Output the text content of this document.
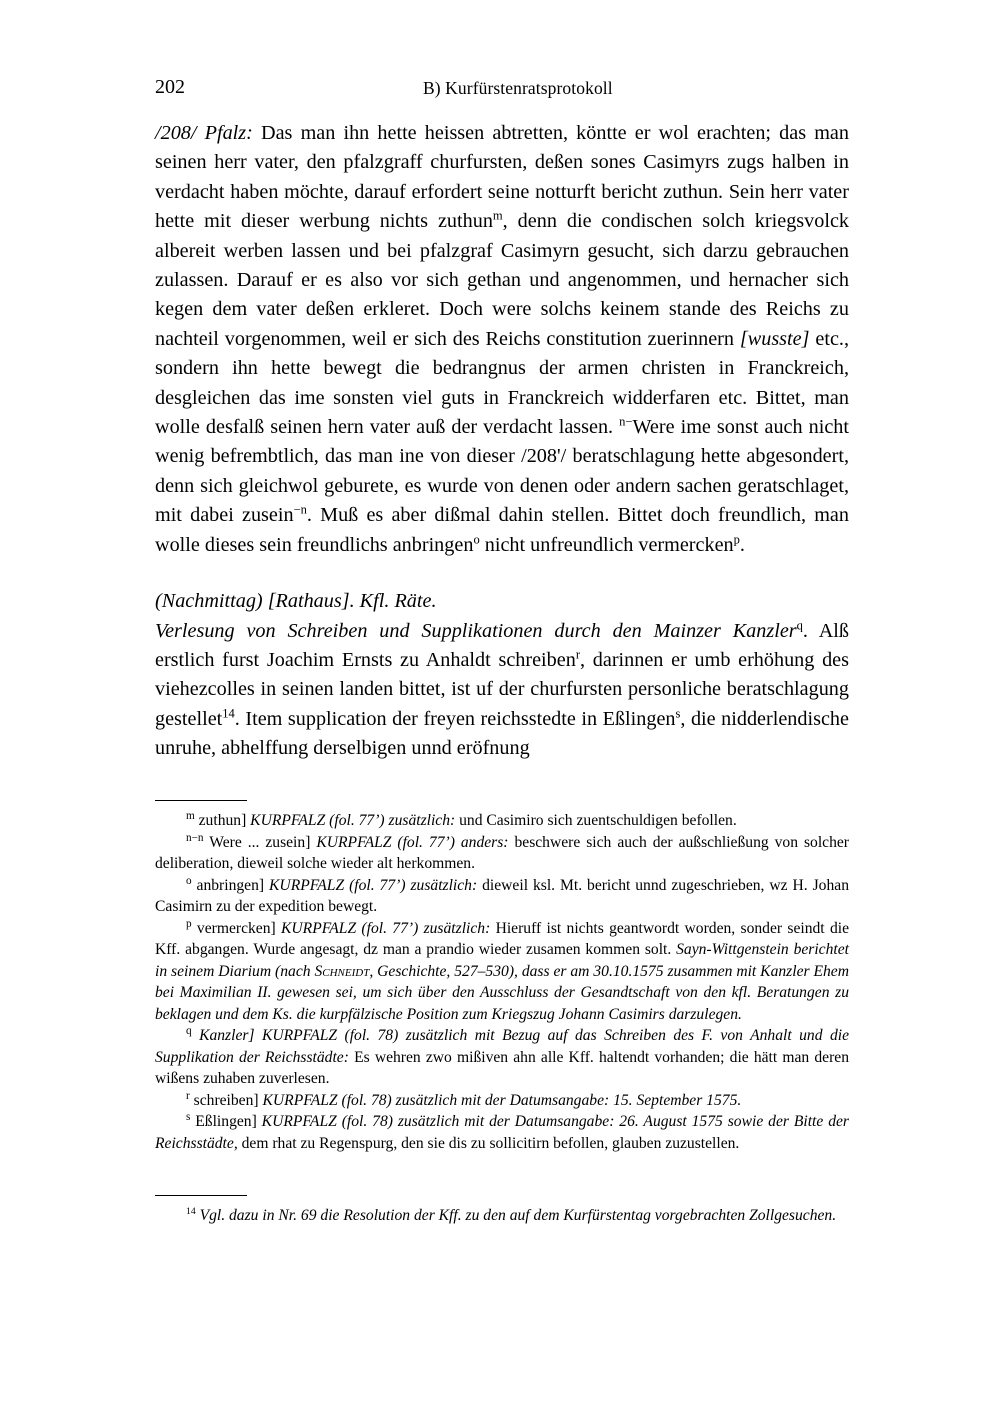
202	B) Kurfürstenratsprotokoll

/208/ Pfalz: Das man ihn hette heissen abtretten, köntte er wol erachten; das man seinen herr vater, den pfalzgraff churfursten, deßen sones Casimyrs zugs halben in verdacht haben möchte, darauf erfordert seine notturft bericht zuthun. Sein herr vater hette mit dieser werbung nichts zuthun$^m$, denn die condischen solch kriegsvolck albereit werben lassen und bei pfalzgraf Casimyrn gesucht, sich darzu gebrauchen zulassen. Darauf er es also vor sich gethan und angenommen, und hernacher sich kegen dem vater deßen erkleret. Doch were solchs keinem stande des Reichs zu nachteil vorgenommen, weil er sich des Reichs constitution zuerinnern [wusste] etc., sondern ihn hette bewegt die bedrangnus der armen christen in Franckreich, desgleichen das ime sonsten viel guts in Franckreich widderfaren etc. Bittet, man wolle desfalß seinen hern vater auß der verdacht lassen. $^{n-}$Were ime sonst auch nicht wenig befrembtlich, das man ine von dieser /208'/ beratschlagung hette abgesondert, denn sich gleichwol geburete, es wurde von denen oder andern sachen geratschlaget, mit dabei zusein$^{-n}$. Muß es aber dißmal dahin stellen. Bittet doch freundlich, man wolle dieses sein freundlichs anbringen$^o$ nicht unfreundlich vermercken$^p$.

(Nachmittag) [Rathaus]. Kfl. Räte.

Verlesung von Schreiben und Supplikationen durch den Mainzer Kanzler$^q$. Alß erstlich furst Joachim Ernsts zu Anhaldt schreiben$^r$, darinnen er umb erhöhung des viehezcolles in seinen landen bittet, ist uf der churfursten personliche beratschlagung gestellet$^{14}$. Item supplication der freyen reichsstedte in Eßlingen$^s$, die nidderlendische unruhe, abhelffung derselbigen unnd eröfnung

$^m$ zuthun] KURPFALZ (fol. 77’) zusätzlich: und Casimiro sich zuentschuldigen befollen.

$^{n-n}$ Were ... zusein] KURPFALZ (fol. 77’) anders: beschwere sich auch der außschließung von solcher deliberation, dieweil solche wieder alt herkommen.

$^o$ anbringen] KURPFALZ (fol. 77’) zusätzlich: dieweil ksl. Mt. bericht unnd zugeschrieben, wz H. Johan Casimirn zu der expedition bewegt.

$^p$ vermercken] KURPFALZ (fol. 77’) zusätzlich: Hieruff ist nichts geantwordt worden, sonder seindt die Kff. abgangen. Wurde angesagt, dz man a prandio wieder zusamen kommen solt. Sayn-Wittgenstein berichtet in seinem Diarium (nach Schneidt, Geschichte, 527–530), dass er am 30.10.1575 zusammen mit Kanzler Ehem bei Maximilian II. gewesen sei, um sich über den Ausschluss der Gesandtschaft von den kfl. Beratungen zu beklagen und dem Ks. die kurpfälzische Position zum Kriegszug Johann Casimirs darzulegen.

$^q$ Kanzler] KURPFALZ (fol. 78) zusätzlich mit Bezug auf das Schreiben des F. von Anhalt und die Supplikation der Reichsstädte: Es wehren zwo mißiven ahn alle Kff. haltendt vorhanden; die hätt man deren wißens zuhaben zuverlesen.

$^r$ schreiben] KURPFALZ (fol. 78) zusätzlich mit der Datumsangabe: 15. September 1575.

$^s$ Eßlingen] KURPFALZ (fol. 78) zusätzlich mit der Datumsangabe: 26. August 1575 sowie der Bitte der Reichsstädte, dem rhat zu Regenspurg, den sie dis zu sollicitirn befollen, glauben zuzustellen.

$^{14}$ Vgl. dazu in Nr. 69 die Resolution der Kff. zu den auf dem Kurfürstentag vorgebrachten Zollgesuchen.
